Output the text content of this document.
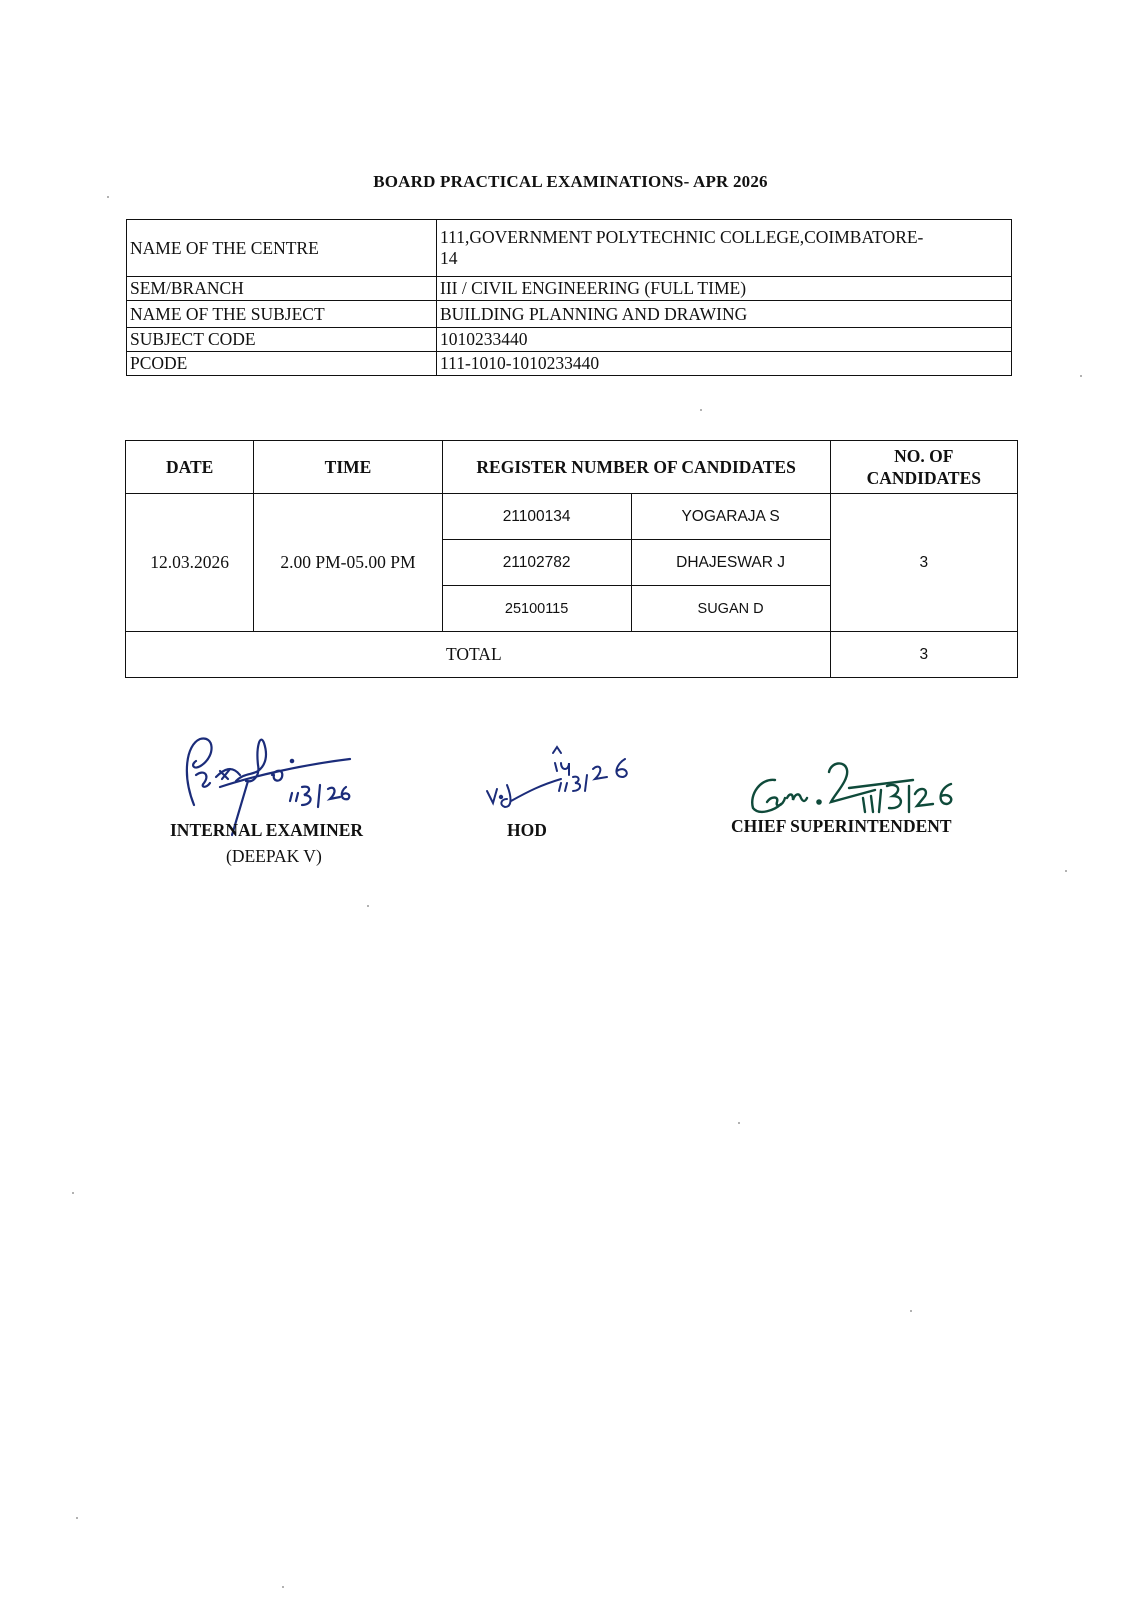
BOARD PRACTICAL EXAMINATIONS- APR 2026
NAME OF THE CENTRE	111,GOVERNMENT POLYTECHNIC COLLEGE,COIMBATORE-
14

SEM/BRANCH	III / CIVIL ENGINEERING (FULL TIME)
NAME OF THE SUBJECT	BUILDING PLANNING AND DRAWING
SUBJECT CODE	1010233440
PCODE	111-1010-1010233440
DATE	TIME	REGISTER NUMBER OF CANDIDATES		NO. OF
CANDIDATES

12.03.2026	2.00 PM-05.00 PM	21100134	YOGARAJA S	3
		21102782	DHAJESWAR J	
		25100115	SUGAN D	
TOTAL				3
INTERNAL EXAMINER
(DEEPAK V)
HOD	CHIEF SUPERINTENDENT
